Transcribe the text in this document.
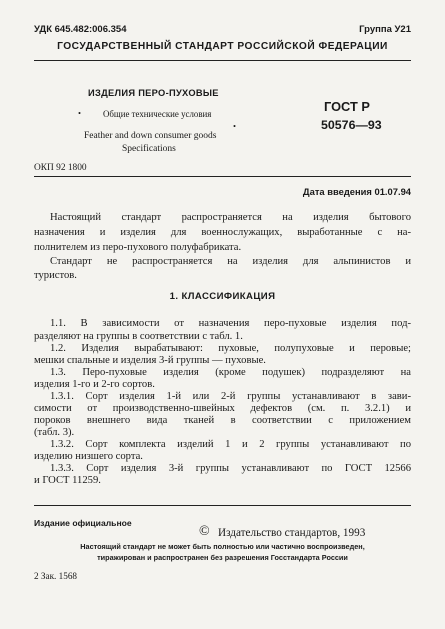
УДК 645.482:006.354	Группа У21
ГОСУДАРСТВЕННЫЙ СТАНДАРТ РОССИЙСКОЙ ФЕДЕРАЦИИ
ИЗДЕЛИЯ ПЕРО-ПУХОВЫЕ
• Общие технические условия
•
Feather and down consumer goods
Specifications
ГОСТ Р
50576—93
ОКП 92 1800
Дата введения 01.07.94
Настоящий стандарт распространяется на изделия бытового
назначения и изделия для военнослужащих, выработанные с на-
полнителем из перо-пухового полуфабриката.
Стандарт не распространяется на изделия для альпинистов и
туристов.
1. КЛАССИФИКАЦИЯ
1.1. В зависимости от назначения перо-пуховые изделия под-
разделяют на группы в соответствии с табл. 1.
1.2. Изделия вырабатывают: пуховые, полупуховые и перовые;
мешки спальные и изделия 3-й группы — пуховые.
1.3. Перо-пуховые изделия (кроме подушек) подразделяют на
изделия 1-го и 2-го сортов.
1.3.1. Сорт изделия 1-й или 2-й группы устанавливают в зави-
симости от производственно-швейных дефектов (см. п. 3.2.1) и
пороков внешнего вида тканей в соответствии с приложением
(табл. 3).
1.3.2. Сорт комплекта изделий 1 и 2 группы устанавливают по
изделию низшего сорта.
1.3.3. Сорт изделия 3-й группы устанавливают по ГОСТ 12566
и ГОСТ 11259.
Издание официальное
© Издательство стандартов, 1993
Настоящий стандарт не может быть полностью или частично воспроизведен,
тиражирован и распространен без разрешения Госстандарта России
2 Зак. 1568
